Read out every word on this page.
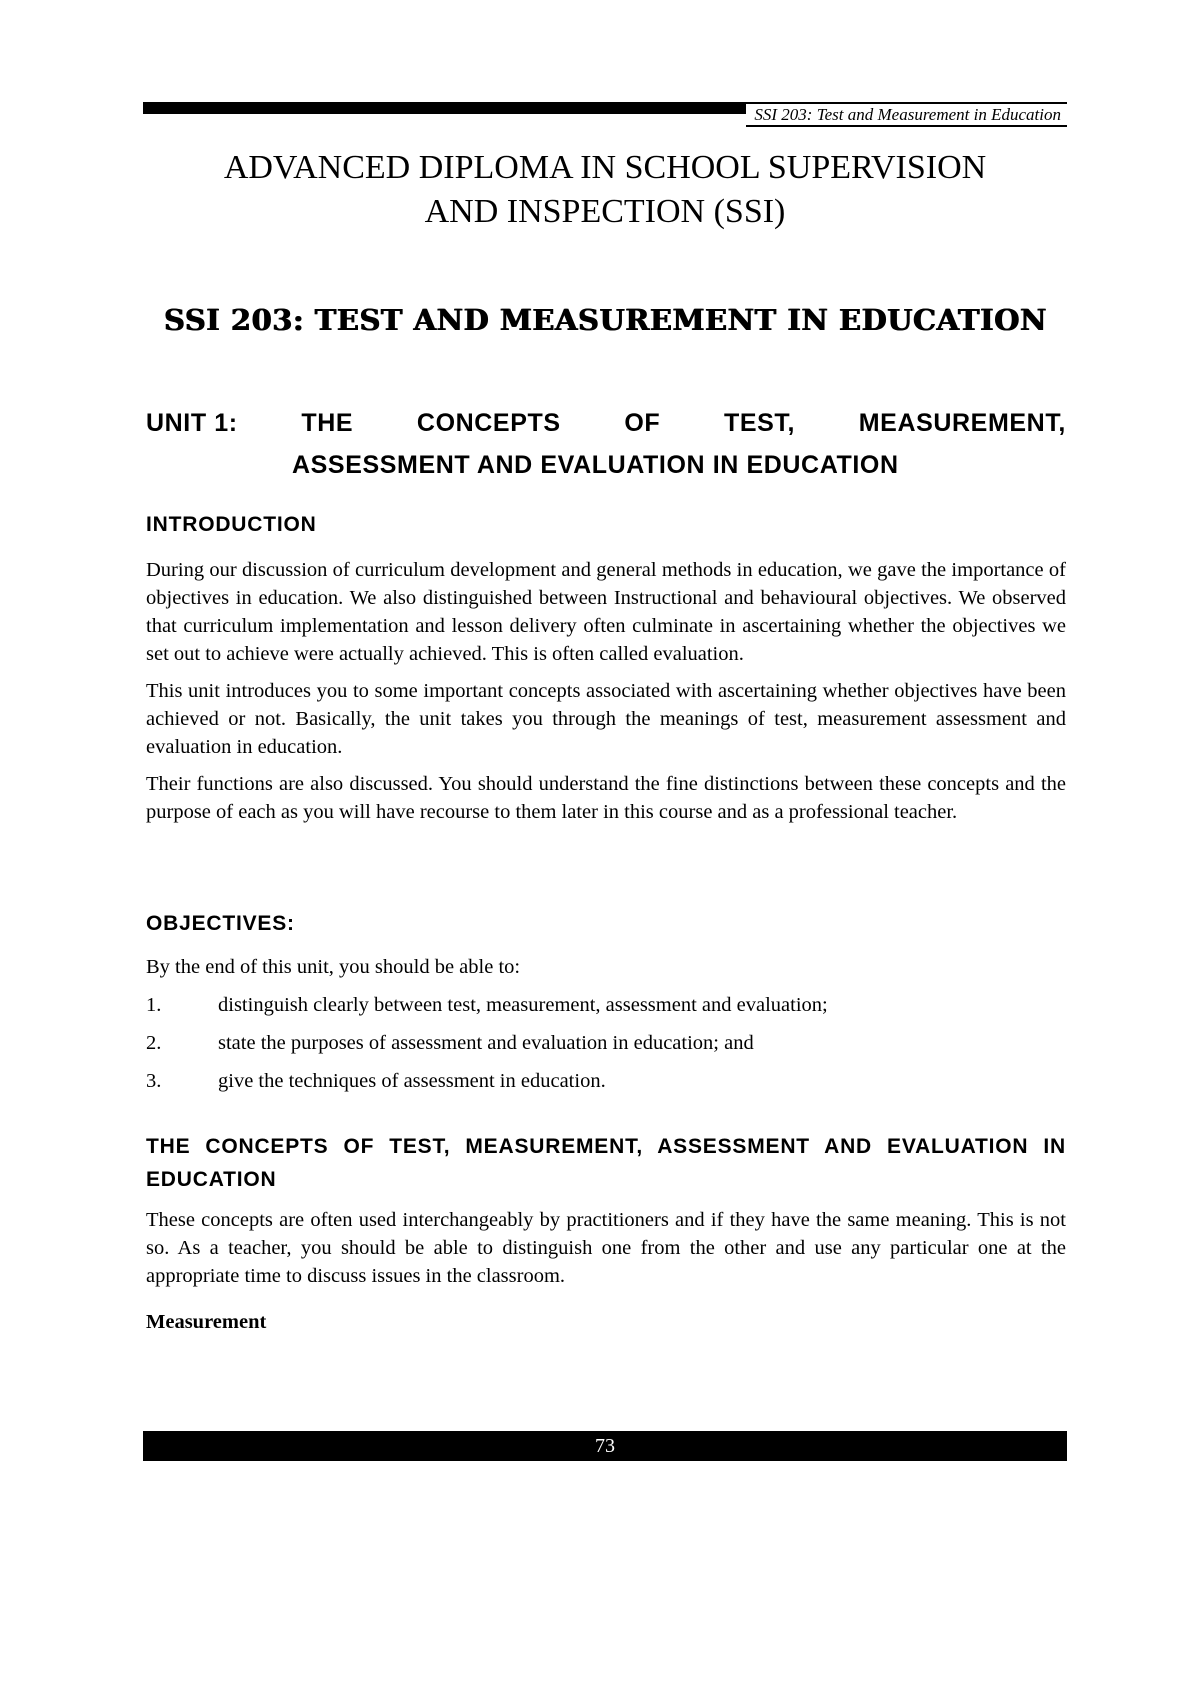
SSI 203: Test and Measurement in Education
ADVANCED DIPLOMA IN SCHOOL SUPERVISION
AND INSPECTION (SSI)
SSI 203: TEST AND MEASUREMENT IN EDUCATION
UNIT 1:	THE	CONCEPTS	OF	TEST,	MEASUREMENT,
ASSESSMENT AND EVALUATION IN EDUCATION
INTRODUCTION

During our discussion of curriculum development and general methods in education, we gave the importance of objectives in education. We also distinguished between Instructional and behavioural objectives. We observed that curriculum implementation and lesson delivery often culminate in ascertaining whether the objectives we set out to achieve were actually achieved. This is often called evaluation.

This unit introduces you to some important concepts associated with ascertaining whether objectives have been achieved or not. Basically, the unit takes you through the meanings of test, measurement assessment and evaluation in education.

Their functions are also discussed. You should understand the fine distinctions between these concepts and the purpose of each as you will have recourse to them later in this course and as a professional teacher.

OBJECTIVES:

By the end of this unit, you should be able to:

1.	distinguish clearly between test, measurement, assessment and evaluation;
2.	state the purposes of assessment and evaluation in education; and
3.	give the techniques of assessment in education.
THE CONCEPTS OF TEST, MEASUREMENT, ASSESSMENT AND EVALUATION IN EDUCATION

These concepts are often used interchangeably by practitioners and if they have the same meaning. This is not so. As a teacher, you should be able to distinguish one from the other and use any particular one at the appropriate time to discuss issues in the classroom.

Measurement
73
